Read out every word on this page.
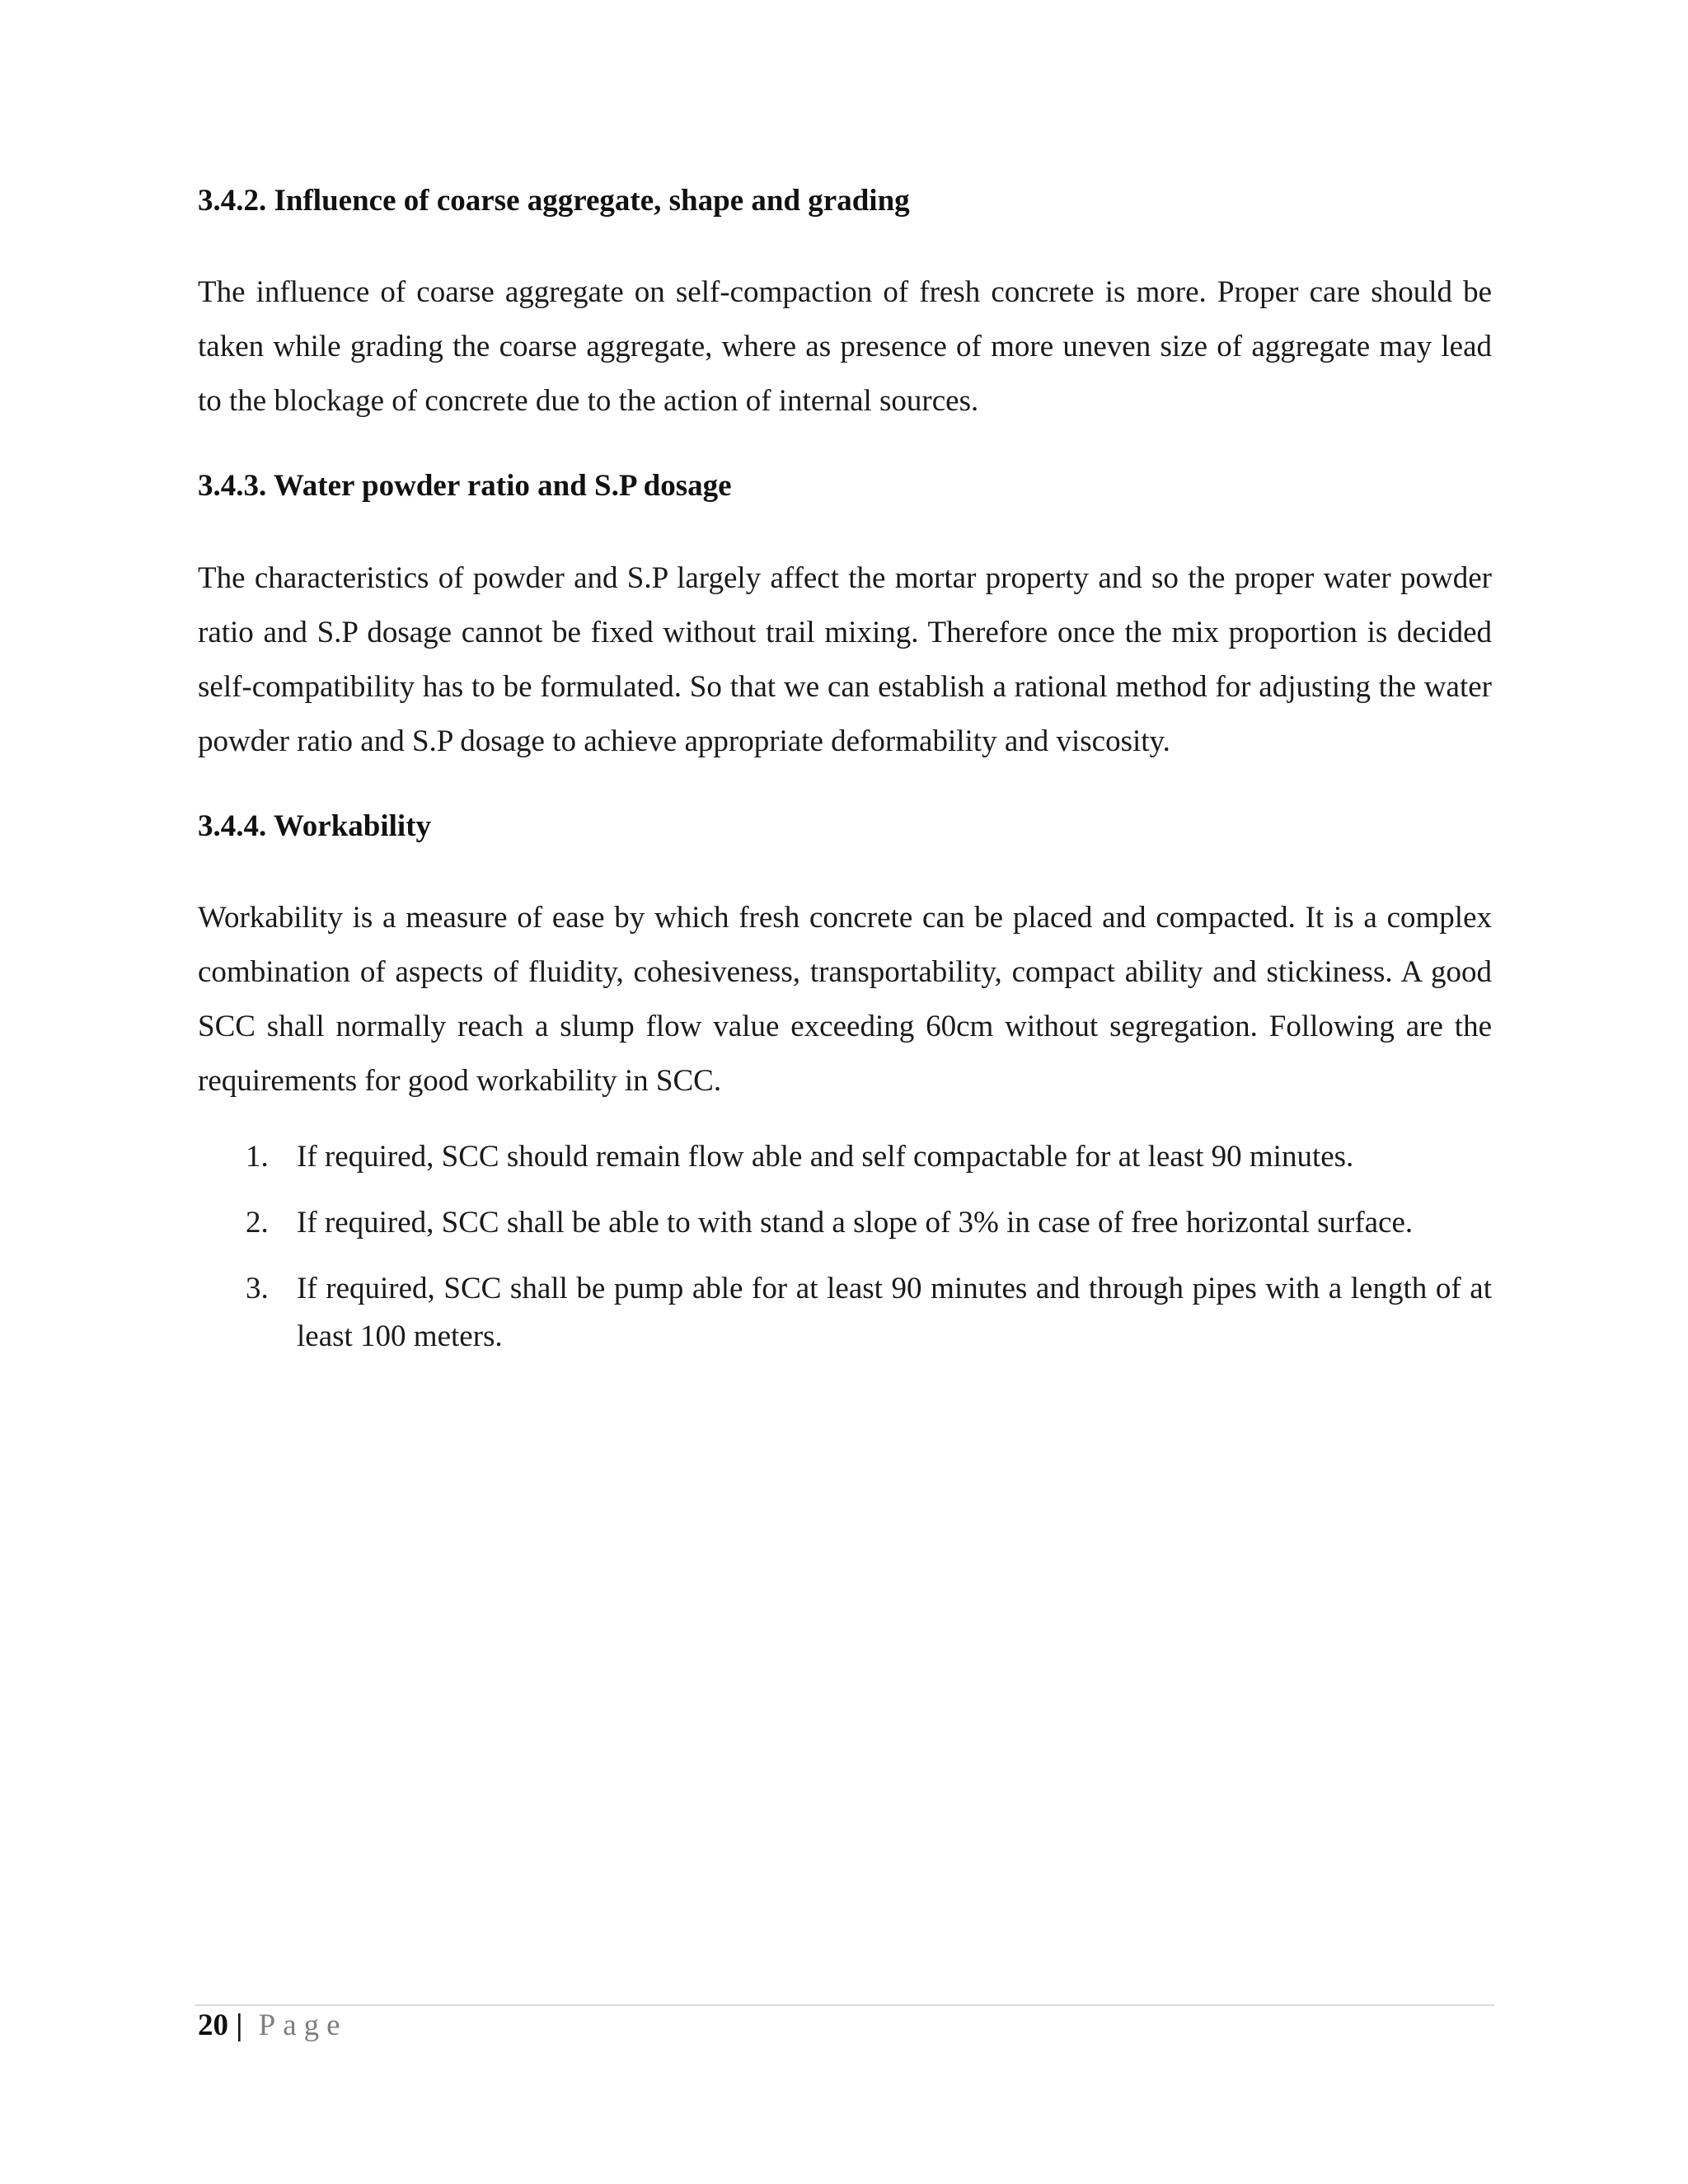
3.4.2. Influence of coarse aggregate, shape and grading

The influence of coarse aggregate on self-compaction of fresh concrete is more. Proper care should be taken while grading the coarse aggregate, where as presence of more uneven size of aggregate may lead to the blockage of concrete due to the action of internal sources.

3.4.3. Water powder ratio and S.P dosage

The characteristics of powder and S.P largely affect the mortar property and so the proper water powder ratio and S.P dosage cannot be fixed without trail mixing. Therefore once the mix proportion is decided self-compatibility has to be formulated. So that we can establish a rational method for adjusting the water powder ratio and S.P dosage to achieve appropriate deformability and viscosity.

3.4.4. Workability

Workability is a measure of ease by which fresh concrete can be placed and compacted. It is a complex combination of aspects of fluidity, cohesiveness, transportability, compact ability and stickiness. A good SCC shall normally reach a slump flow value exceeding 60cm without segregation. Following are the requirements for good workability in SCC.

1. If required, SCC should remain flow able and self compactable for at least 90 minutes.
2. If required, SCC shall be able to with stand a slope of 3% in case of free horizontal surface.
3. If required, SCC shall be pump able for at least 90 minutes and through pipes with a length of at least 100 meters.
20 | Page
